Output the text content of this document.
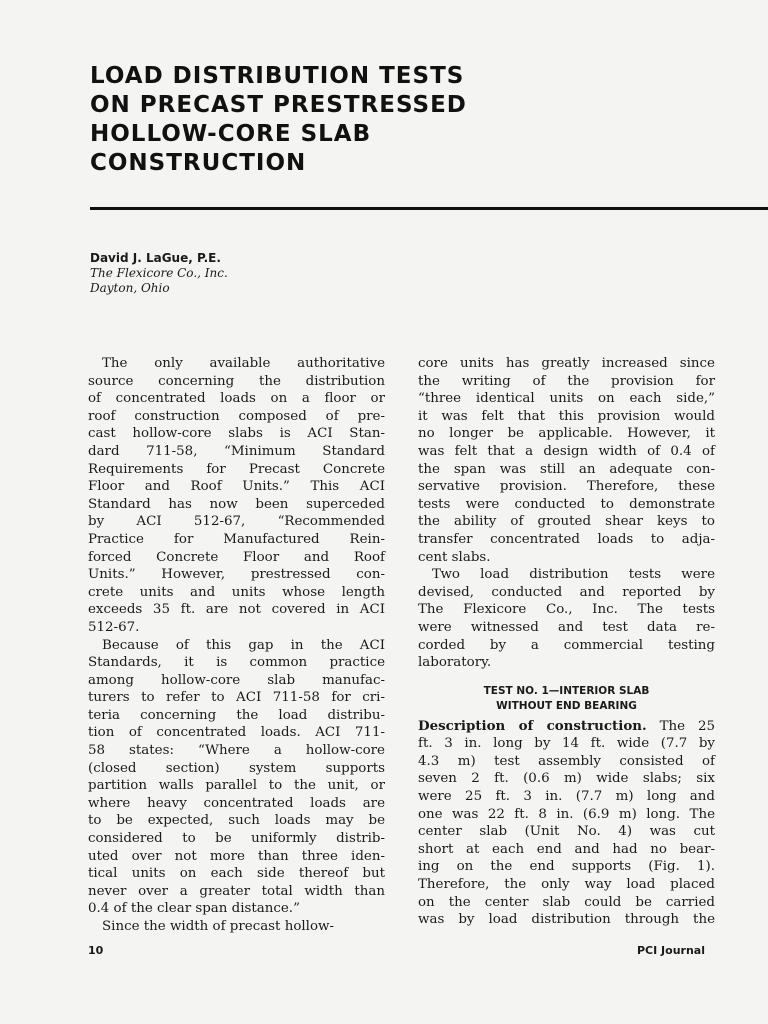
LOAD DISTRIBUTION TESTS
ON PRECAST PRESTRESSED
HOLLOW-CORE SLAB
CONSTRUCTION
David J. LaGue, P.E.
The Flexicore Co., Inc.
Dayton, Ohio
The only available authoritative
source concerning the distribution
of concentrated loads on a floor or
roof construction composed of pre-
cast hollow-core slabs is ACI Stan-
dard 711-58, “Minimum Standard
Requirements for Precast Concrete
Floor and Roof Units.” This ACI
Standard has now been superceded
by ACI 512-67, “Recommended
Practice for Manufactured Rein-
forced Concrete Floor and Roof
Units.” However, prestressed con-
crete units and units whose length
exceeds 35 ft. are not covered in ACI
512-67.
Because of this gap in the ACI
Standards, it is common practice
among hollow-core slab manufac-
turers to refer to ACI 711-58 for cri-
teria concerning the load distribu-
tion of concentrated loads. ACI 711-
58 states: “Where a hollow-core
(closed section) system supports
partition walls parallel to the unit, or
where heavy concentrated loads are
to be expected, such loads may be
considered to be uniformly distrib-
uted over not more than three iden-
tical units on each side thereof but
never over a greater total width than
0.4 of the clear span distance.”
Since the width of precast hollow-
core units has greatly increased since
the writing of the provision for
“three identical units on each side,”
it was felt that this provision would
no longer be applicable. However, it
was felt that a design width of 0.4 of
the span was still an adequate con-
servative provision. Therefore, these
tests were conducted to demonstrate
the ability of grouted shear keys to
transfer concentrated loads to adja-
cent slabs.
Two load distribution tests were
devised, conducted and reported by
The Flexicore Co., Inc. The tests
were witnessed and test data re-
corded by a commercial testing
laboratory.
TEST NO. 1—INTERIOR SLAB
WITHOUT END BEARING
Description of construction. The 25
ft. 3 in. long by 14 ft. wide (7.7 by
4.3 m) test assembly consisted of
seven 2 ft. (0.6 m) wide slabs; six
were 25 ft. 3 in. (7.7 m) long and
one was 22 ft. 8 in. (6.9 m) long. The
center slab (Unit No. 4) was cut
short at each end and had no bear-
ing on the end supports (Fig. 1).
Therefore, the only way load placed
on the center slab could be carried
was by load distribution through the
10	PCI Journal
